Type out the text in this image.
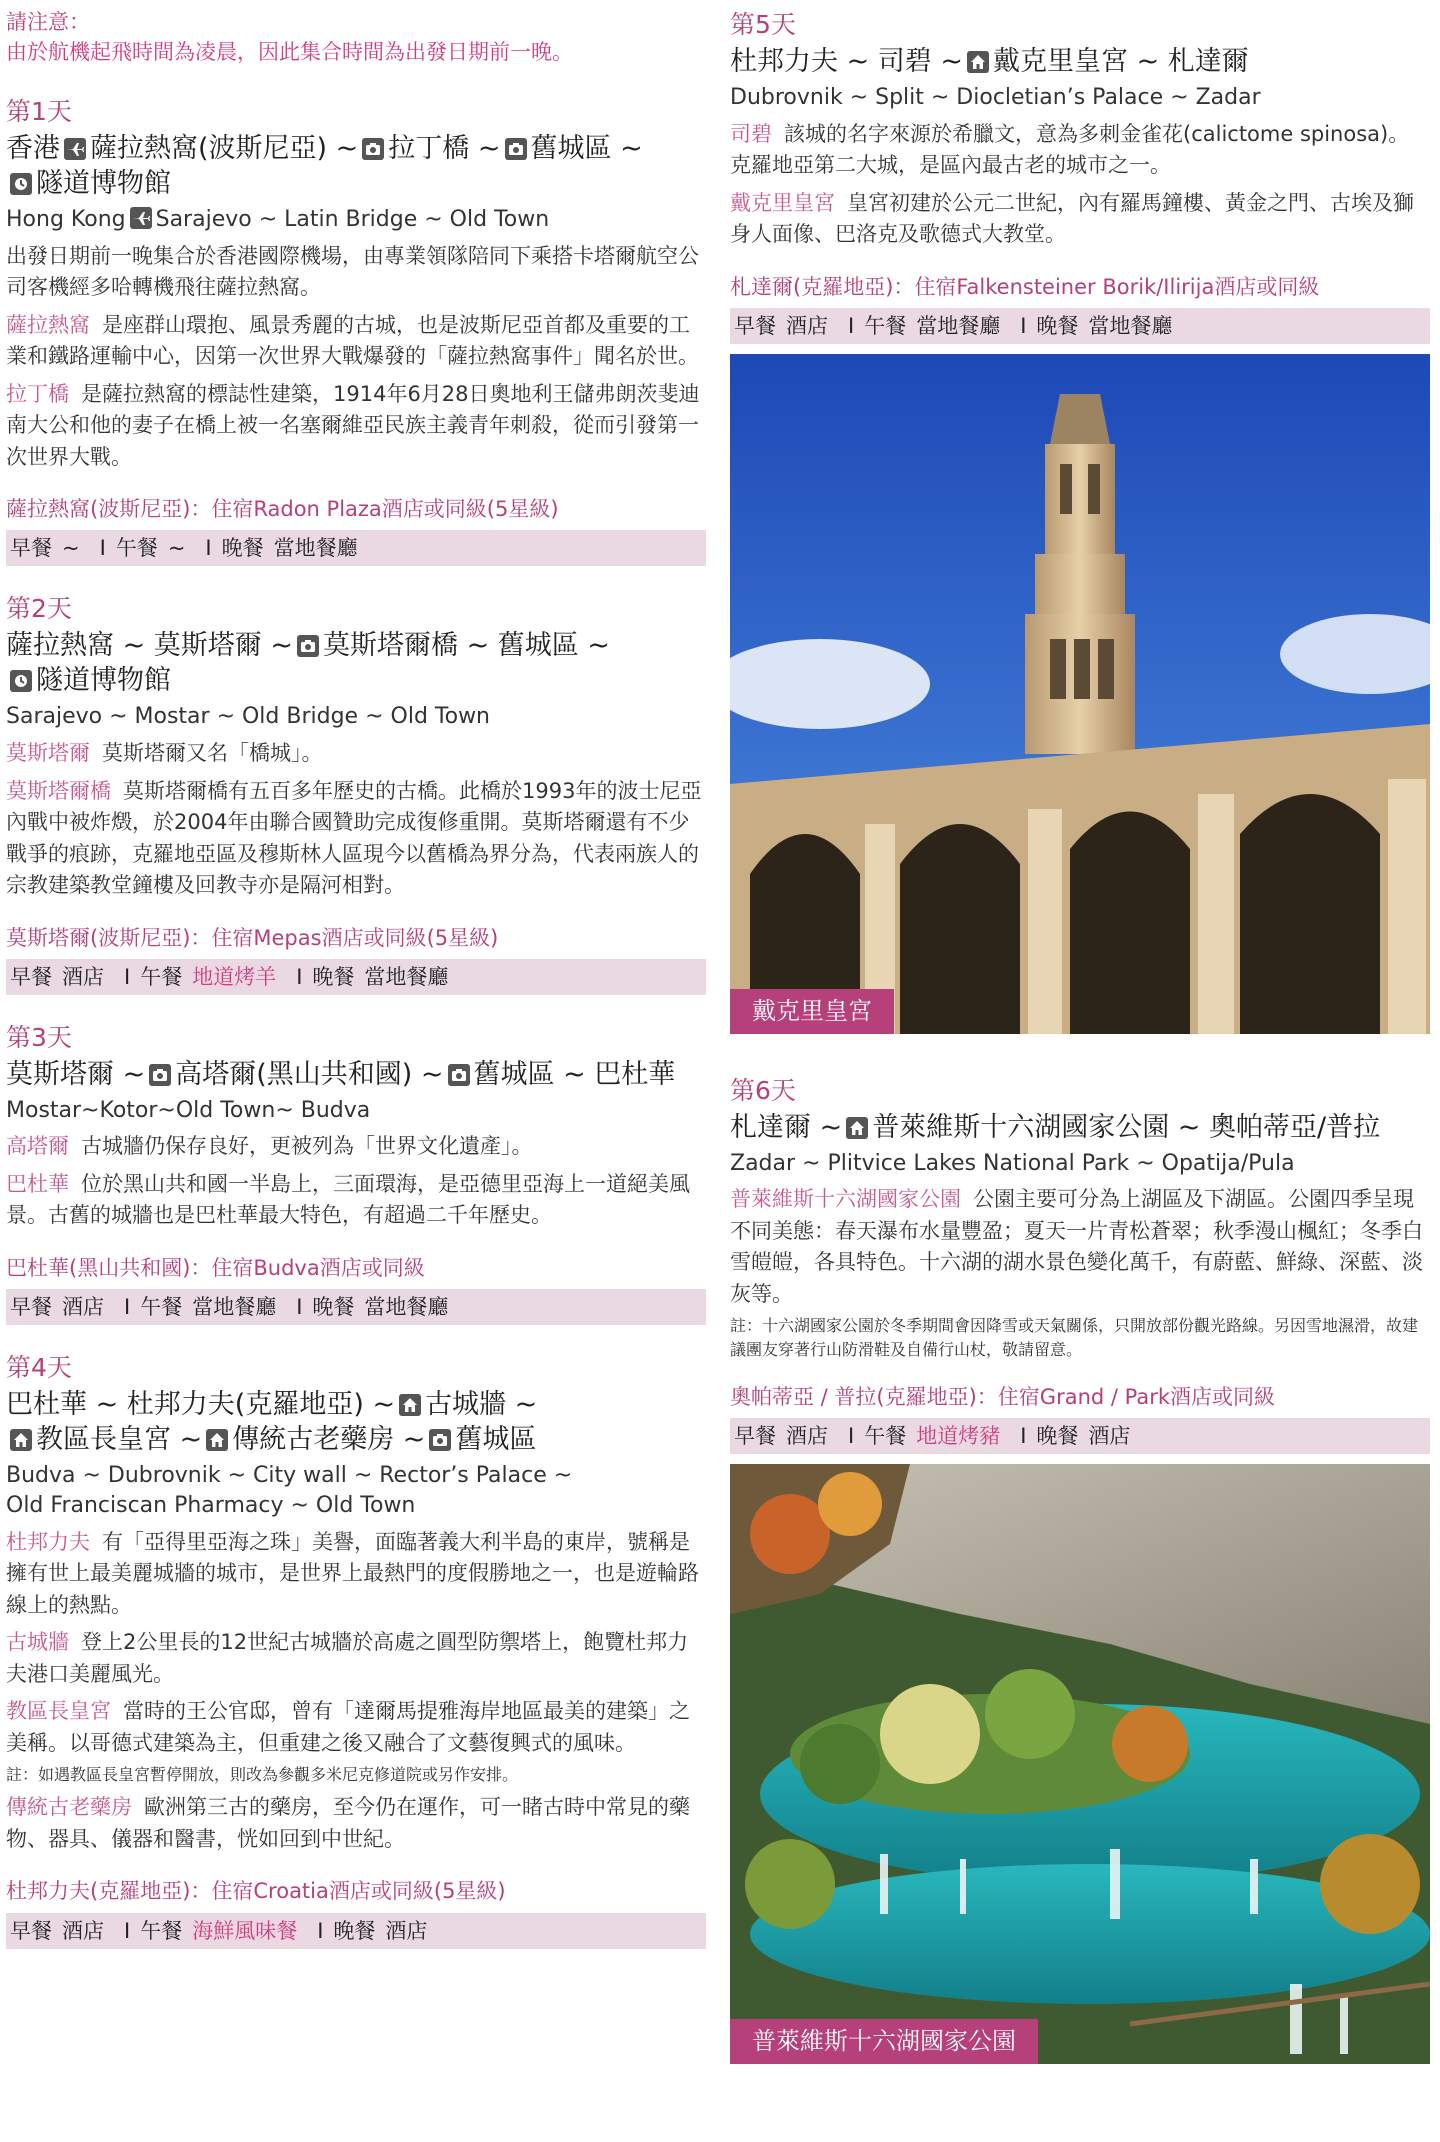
請注意：
由於航機起飛時間為凌晨，因此集合時間為出發日期前一晚。
第1天
香港 薩拉熱窩(波斯尼亞) ~ 拉丁橋 ~ 舊城區 ~

隧道博物館
Hong Kong Sarajevo ~ Latin Bridge ~ Old Town
出發日期前一晚集合於香港國際機場，由專業領隊陪同下乘搭卡塔爾航空公司客機經多哈轉機飛往薩拉熱窩。
薩拉熱窩 是座群山環抱、風景秀麗的古城，也是波斯尼亞首都及重要的工業和鐵路運輸中心，因第一次世界大戰爆發的「薩拉熱窩事件」聞名於世。
拉丁橋 是薩拉熱窩的標誌性建築，1914年6月28日奧地利王儲弗朗茨斐迪南大公和他的妻子在橋上被一名塞爾維亞民族主義青年刺殺，從而引發第一次世界大戰。
薩拉熱窩(波斯尼亞)：住宿Radon Plaza酒店或同級(5星級)
早餐 ~ I 午餐 ~ I 晚餐 當地餐廳
第2天
薩拉熱窩 ~ 莫斯塔爾 ~ 莫斯塔爾橋 ~ 舊城區 ~

隧道博物館
Sarajevo ~ Mostar ~ Old Bridge ~ Old Town
莫斯塔爾 莫斯塔爾又名「橋城」。
莫斯塔爾橋 莫斯塔爾橋有五百多年歷史的古橋。此橋於1993年的波士尼亞內戰中被炸燬，於2004年由聯合國贊助完成復修重開。莫斯塔爾還有不少戰爭的痕跡，克羅地亞區及穆斯林人區現今以舊橋為界分為，代表兩族人的宗教建築教堂鐘樓及回教寺亦是隔河相對。
莫斯塔爾(波斯尼亞)：住宿Mepas酒店或同級(5星級)
早餐 酒店 I 午餐 地道烤羊 I 晚餐 當地餐廳
第3天
莫斯塔爾 ~ 高塔爾(黑山共和國) ~ 舊城區 ~ 巴杜華
Mostar~Kotor~Old Town~ Budva
高塔爾 古城牆仍保存良好，更被列為「世界文化遺產」。
巴杜華 位於黑山共和國一半島上，三面環海，是亞德里亞海上一道絕美風景。古舊的城牆也是巴杜華最大特色，有超過二千年歷史。
巴杜華(黑山共和國)：住宿Budva酒店或同級
早餐 酒店 I 午餐 當地餐廳 I 晚餐 當地餐廳
第4天
巴杜華 ~ 杜邦力夫(克羅地亞) ~ 古城牆 ~

教區長皇宮 ~ 傳統古老藥房 ~ 舊城區
Budva ~ Dubrovnik ~ City wall ~ Rector’s Palace ~
Old Franciscan Pharmacy ~ Old Town
杜邦力夫 有「亞得里亞海之珠」美譽，面臨著義大利半島的東岸，號稱是擁有世上最美麗城牆的城市，是世界上最熱門的度假勝地之一，也是遊輪路線上的熱點。
古城牆 登上2公里長的12世紀古城牆於高處之圓型防禦塔上，飽覽杜邦力夫港口美麗風光。
教區長皇宮 當時的王公官邸，曾有「達爾馬提雅海岸地區最美的建築」之美稱。以哥德式建築為主，但重建之後又融合了文藝復興式的風味。
註：如遇教區長皇宮暫停開放，則改為參觀多米尼克修道院或另作安排。
傳統古老藥房 歐洲第三古的藥房，至今仍在運作，可一睹古時中常見的藥物、器具、儀器和醫書，恍如回到中世紀。
杜邦力夫(克羅地亞)：住宿Croatia酒店或同級(5星級)
早餐 酒店 I 午餐 海鮮風味餐 I 晚餐 酒店
第5天
杜邦力夫 ~ 司碧 ~ 戴克里皇宮 ~ 札達爾
Dubrovnik ~ Split ~ Diocletian’s Palace ~ Zadar
司碧 該城的名字來源於希臘文，意為多刺金雀花(calictome spinosa)。克羅地亞第二大城，是區內最古老的城市之一。
戴克里皇宮 皇宮初建於公元二世紀，內有羅馬鐘樓、黃金之門、古埃及獅身人面像、巴洛克及歌德式大教堂。
札達爾(克羅地亞)：住宿Falkensteiner Borik/Ilirija酒店或同級
早餐 酒店 I 午餐 當地餐廳 I 晚餐 當地餐廳
戴克里皇宮
第6天
札達爾 ~ 普萊維斯十六湖國家公園 ~ 奧帕蒂亞/普拉
Zadar ~ Plitvice Lakes National Park ~ Opatija/Pula
普萊維斯十六湖國家公園 公園主要可分為上湖區及下湖區。公園四季呈現不同美態：春天瀑布水量豐盈；夏天一片青松蒼翠；秋季漫山楓紅；冬季白雪皚皚，各具特色。十六湖的湖水景色變化萬千，有蔚藍、鮮綠、深藍、淡灰等。
註：十六湖國家公園於冬季期間會因降雪或天氣關係，只開放部份觀光路線。另因雪地濕滑，故建議團友穿著行山防滑鞋及自備行山杖，敬請留意。
奧帕蒂亞 / 普拉(克羅地亞)：住宿Grand / Park酒店或同級
早餐 酒店 I 午餐 地道烤豬 I 晚餐 酒店
普萊維斯十六湖國家公園
